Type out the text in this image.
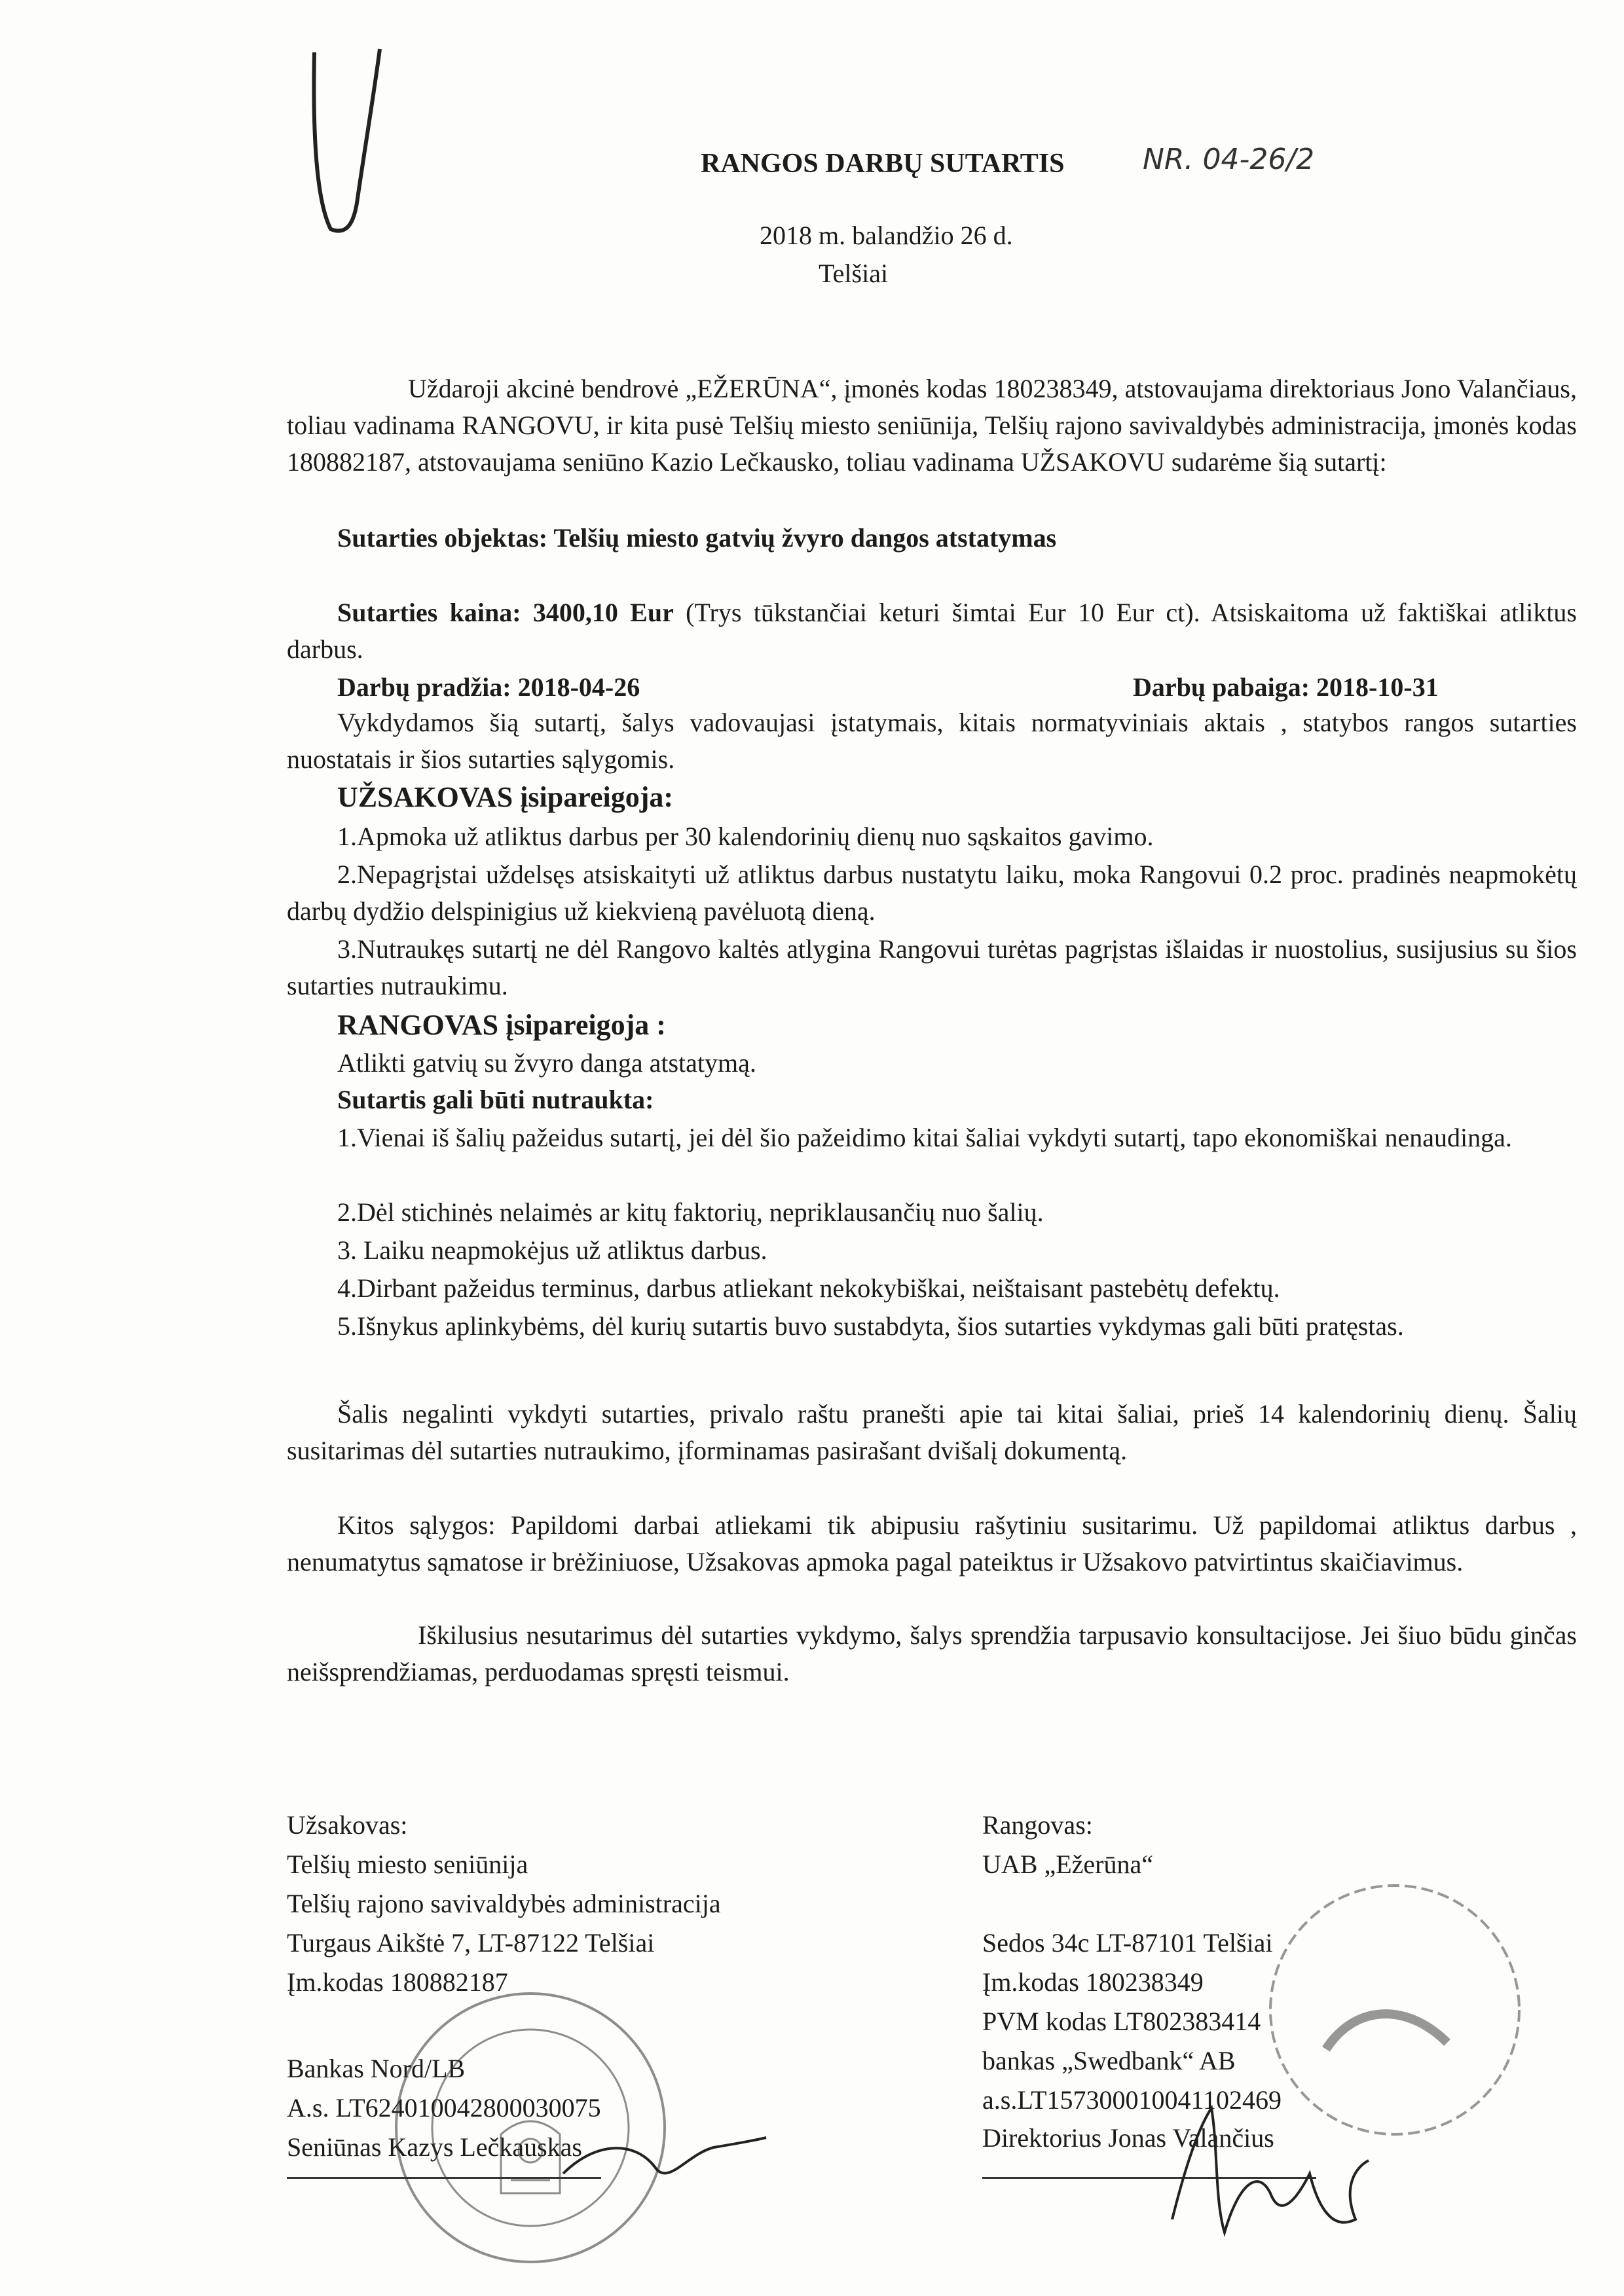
RANGOS DARBŲ SUTARTIS	NR. 04-26/2
2018 m. balandžio 26 d.
Telšiai

Uždaroji akcinė bendrovė „EŽERŪNA“, įmonės kodas 180238349, atstovaujama direktoriaus Jono Valančiaus, toliau vadinama RANGOVU, ir kita pusė Telšių miesto seniūnija, Telšių rajono savivaldybės administracija, įmonės kodas 180882187, atstovaujama seniūno Kazio Lečkausko, toliau vadinama UŽSAKOVU sudarėme šią sutartį:

Sutarties objektas: Telšių miesto gatvių žvyro dangos atstatymas

Sutarties kaina: 3400,10 Eur (Trys tūkstančiai keturi šimtai Eur 10 Eur ct). Atsiskaitoma už faktiškai atliktus darbus.

Darbų pradžia: 2018-04-26	Darbų pabaiga: 2018-10-31

Vykdydamos šią sutartį, šalys vadovaujasi įstatymais, kitais normatyviniais aktais , statybos rangos sutarties nuostatais ir šios sutarties sąlygomis.

UŽSAKOVAS įsipareigoja:

1.Apmoka už atliktus darbus per 30 kalendorinių dienų nuo sąskaitos gavimo.

2.Nepagrįstai uždelsęs atsiskaityti už atliktus darbus nustatytu laiku, moka Rangovui 0.2 proc. pradinės neapmokėtų darbų dydžio delspinigius už kiekvieną pavėluotą dieną.

3.Nutraukęs sutartį ne dėl Rangovo kaltės atlygina Rangovui turėtas pagrįstas išlaidas ir nuostolius, susijusius su šios sutarties nutraukimu.

RANGOVAS įsipareigoja :
Atlikti gatvių su žvyro danga atstatymą.
Sutartis gali būti nutraukta:

1.Vienai iš šalių pažeidus sutartį, jei dėl šio pažeidimo kitai šaliai vykdyti sutartį, tapo ekonomiškai nenaudinga.

2.Dėl stichinės nelaimės ar kitų faktorių, nepriklausančių nuo šalių.

3. Laiku neapmokėjus už atliktus darbus.

4.Dirbant pažeidus terminus, darbus atliekant nekokybiškai, neištaisant pastebėtų defektų.

5.Išnykus aplinkybėms, dėl kurių sutartis buvo sustabdyta, šios sutarties vykdymas gali būti pratęstas.

Šalis negalinti vykdyti sutarties, privalo raštu pranešti apie tai kitai šaliai, prieš 14 kalendorinių dienų. Šalių susitarimas dėl sutarties nutraukimo, įforminamas pasirašant dvišalį dokumentą.

Kitos sąlygos: Papildomi darbai atliekami tik abipusiu rašytiniu susitarimu. Už papildomai atliktus darbus , nenumatytus sąmatose ir brėžiniuose, Užsakovas apmoka pagal pateiktus ir Užsakovo patvirtintus skaičiavimus.

Iškilusius nesutarimus dėl sutarties vykdymo, šalys sprendžia tarpusavio konsultacijose. Jei šiuo būdu ginčas neišsprendžiamas, perduodamas spręsti teismui.

Užsakovas:
Telšių miesto seniūnija
Telšių rajono savivaldybės administracija
Turgaus Aikštė 7, LT-87122 Telšiai
Įm.kodas 180882187
Bankas Nord/LB
A.s. LT624010042800030075
Seniūnas Kazys Lečkauskas
Rangovas:
UAB „Ežerūna“
Sedos 34c LT-87101 Telšiai
Įm.kodas 180238349
PVM kodas LT802383414
bankas „Swedbank“ AB
a.s.LT157300010041102469
Direktorius Jonas Valančius
